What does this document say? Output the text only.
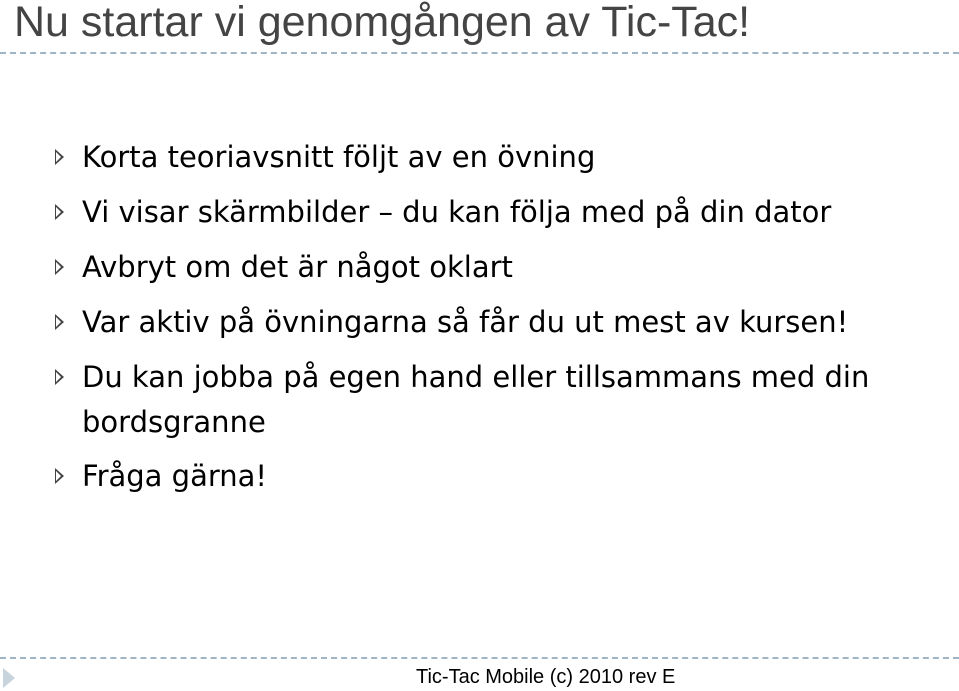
Nu startar vi genomgången av Tic-Tac!
Korta teoriavsnitt följt av en övning
Vi visar skärmbilder – du kan följa med på din dator
Avbryt om det är något oklart
Var aktiv på övningarna så får du ut mest av kursen!
Du kan jobba på egen hand eller tillsammans med din
bordsgranne
Fråga gärna!
Tic-Tac Mobile (c) 2010 rev E
